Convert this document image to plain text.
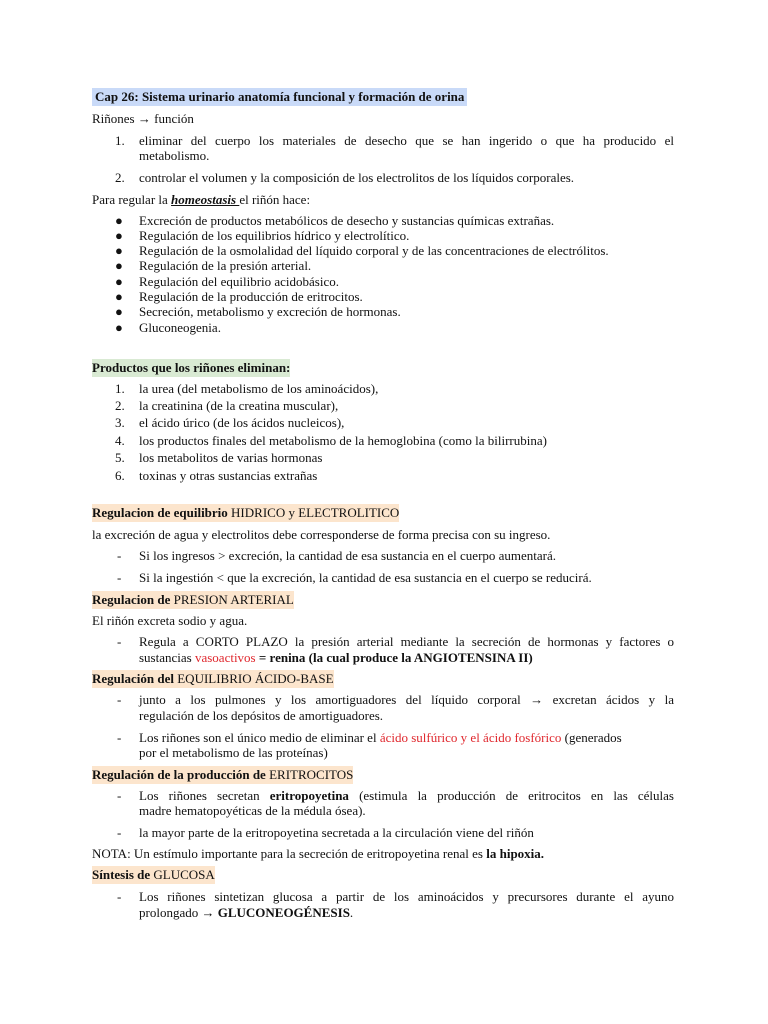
Cap 26: Sistema urinario anatomía funcional y formación de orina
Riñones → función
1. eliminar del cuerpo los materiales de desecho que se han ingerido o que ha producido el
metabolismo.
2. controlar el volumen y la composición de los electrolitos de los líquidos corporales.
Para regular la homeostasis el riñón hace:
● Excreción de productos metabólicos de desecho y sustancias químicas extrañas.
● Regulación de los equilibrios hídrico y electrolítico.
● Regulación de la osmolalidad del líquido corporal y de las concentraciones de electrólitos.
● Regulación de la presión arterial.
● Regulación del equilibrio acidobásico.
● Regulación de la producción de eritrocitos.
● Secreción, metabolismo y excreción de hormonas.
● Gluconeogenia.
Productos que los riñones eliminan:
1. la urea (del metabolismo de los aminoácidos),
2. la creatinina (de la creatina muscular),
3. el ácido úrico (de los ácidos nucleicos),
4. los productos finales del metabolismo de la hemoglobina (como la bilirrubina)
5. los metabolitos de varias hormonas
6. toxinas y otras sustancias extrañas
Regulacion de equilibrio HIDRICO y ELECTROLITICO
la excreción de agua y electrolitos debe corresponderse de forma precisa con su ingreso.
- Si los ingresos > excreción, la cantidad de esa sustancia en el cuerpo aumentará.
- Si la ingestión < que la excreción, la cantidad de esa sustancia en el cuerpo se reducirá.
Regulacion de PRESION ARTERIAL
El riñón excreta sodio y agua.
- Regula a CORTO PLAZO la presión arterial mediante la secreción de hormonas y factores o
sustancias vasoactivos = renina (la cual produce la ANGIOTENSINA II)
Regulación del EQUILIBRIO ÁCIDO-BASE
- junto a los pulmones y los amortiguadores del líquido corporal → excretan ácidos y la
regulación de los depósitos de amortiguadores.
- Los riñones son el único medio de eliminar el ácido sulfúrico y el ácido fosfórico (generados
por el metabolismo de las proteínas)
Regulación de la producción de ERITROCITOS
- Los riñones secretan eritropoyetina (estimula la producción de eritrocitos en las células
madre hematopoyéticas de la médula ósea).
- la mayor parte de la eritropoyetina secretada a la circulación viene del riñón
NOTA: Un estímulo importante para la secreción de eritropoyetina renal es la hipoxia.
Síntesis de GLUCOSA
- Los riñones sintetizan glucosa a partir de los aminoácidos y precursores durante el ayuno
prolongado → GLUCONEOGÉNESIS.
